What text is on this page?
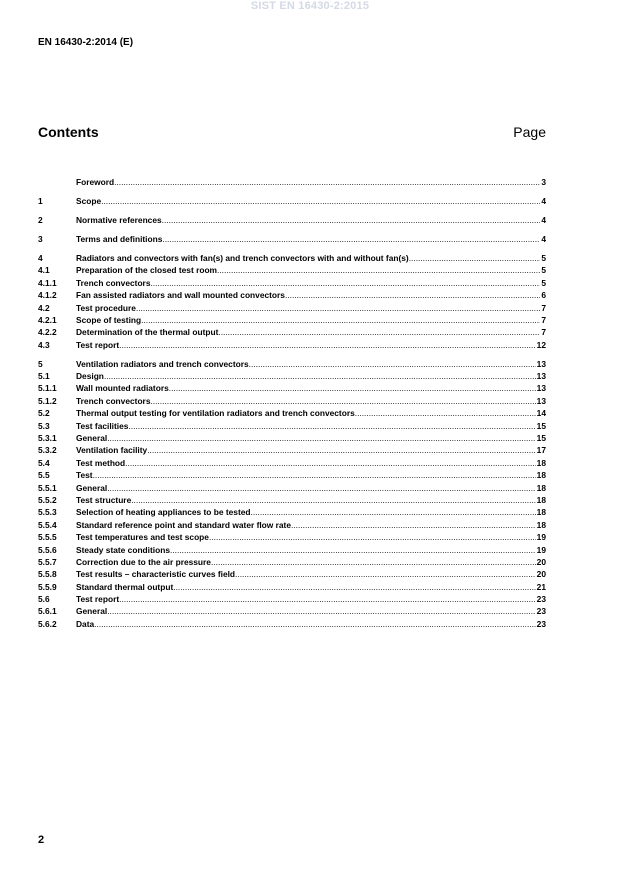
SIST EN 16430-2:2015
EN 16430-2:2014 (E)
Contents	Page
Foreword .....	3
1	Scope .....	4
2	Normative references .....	4
3	Terms and definitions .....	4
4	Radiators and convectors with fan(s) and trench convectors with and without fan(s) .....	5
4.1	Preparation of the closed test room .....	5
4.1.1	Trench convectors .....	5
4.1.2	Fan assisted radiators and wall mounted convectors .....	6
4.2	Test procedure .....	7
4.2.1	Scope of testing .....	7
4.2.2	Determination of the thermal output .....	7
4.3	Test report .....	12
5	Ventilation radiators and trench convectors .....	13
5.1	Design .....	13
5.1.1	Wall mounted radiators .....	13
5.1.2	Trench convectors .....	13
5.2	Thermal output testing for ventilation radiators and trench convectors .....	14
5.3	Test facilities .....	15
5.3.1	General .....	15
5.3.2	Ventilation facility .....	17
5.4	Test method .....	18
5.5	Test .....	18
5.5.1	General .....	18
5.5.2	Test structure .....	18
5.5.3	Selection of heating appliances to be tested .....	18
5.5.4	Standard reference point and standard water flow rate .....	18
5.5.5	Test temperatures and test scope .....	19
5.5.6	Steady state conditions .....	19
5.5.7	Correction due to the air pressure .....	20
5.5.8	Test results – characteristic curves field .....	20
5.5.9	Standard thermal output .....	21
5.6	Test report .....	23
5.6.1	General .....	23
5.6.2	Data .....	23
2
